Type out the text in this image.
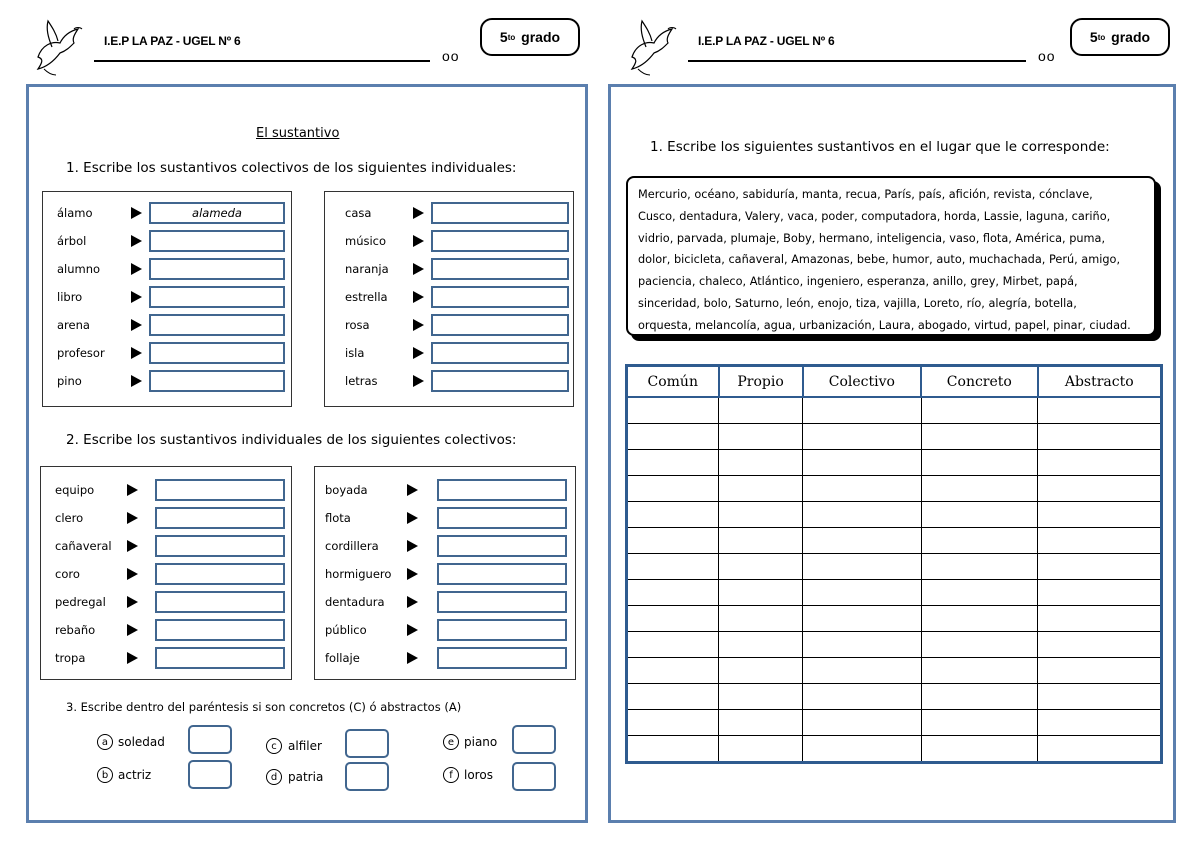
I.E.P LA PAZ - UGEL Nº 6
oo
5 to
grado
El sustantivo
1. Escribe los sustantivos colectivos de los siguientes individuales:
álamo	alameda
árbol
alumno
libro
arena
profesor
pino
casa
músico
naranja
estrella
rosa
isla
letras
2. Escribe los sustantivos individuales de los siguientes colectivos:
equipo
clero
cañaveral
coro
pedregal
rebaño
tropa
boyada
flota
cordillera
hormiguero
dentadura
público
follaje
3. Escribe dentro del paréntesis si son concretos (C) ó abstractos (A)
a soledad
b actriz
c alfiler
d patria
e piano
f loros
I.E.P LA PAZ - UGEL Nº 6
oo
5 to
grado
1. Escribe los siguientes sustantivos en el lugar que le corresponde:
Mercurio, océano, sabiduría, manta, recua, París, país, afición, revista, cónclave,
Cusco, dentadura, Valery, vaca, poder, computadora, horda, Lassie, laguna, cariño,
vidrio, parvada, plumaje, Boby, hermano, inteligencia, vaso, flota, América, puma,
dolor, bicicleta, cañaveral, Amazonas, bebe, humor, auto, muchachada, Perú, amigo,
paciencia, chaleco, Atlántico, ingeniero, esperanza, anillo, grey, Mirbet, papá,
sinceridad, bolo, Saturno, león, enojo, tiza, vajilla, Loreto, río, alegría, botella,
orquesta, melancolía, agua, urbanización, Laura, abogado, virtud, papel, pinar, ciudad.
Común	Propio	Colectivo	Concreto	Abstracto
